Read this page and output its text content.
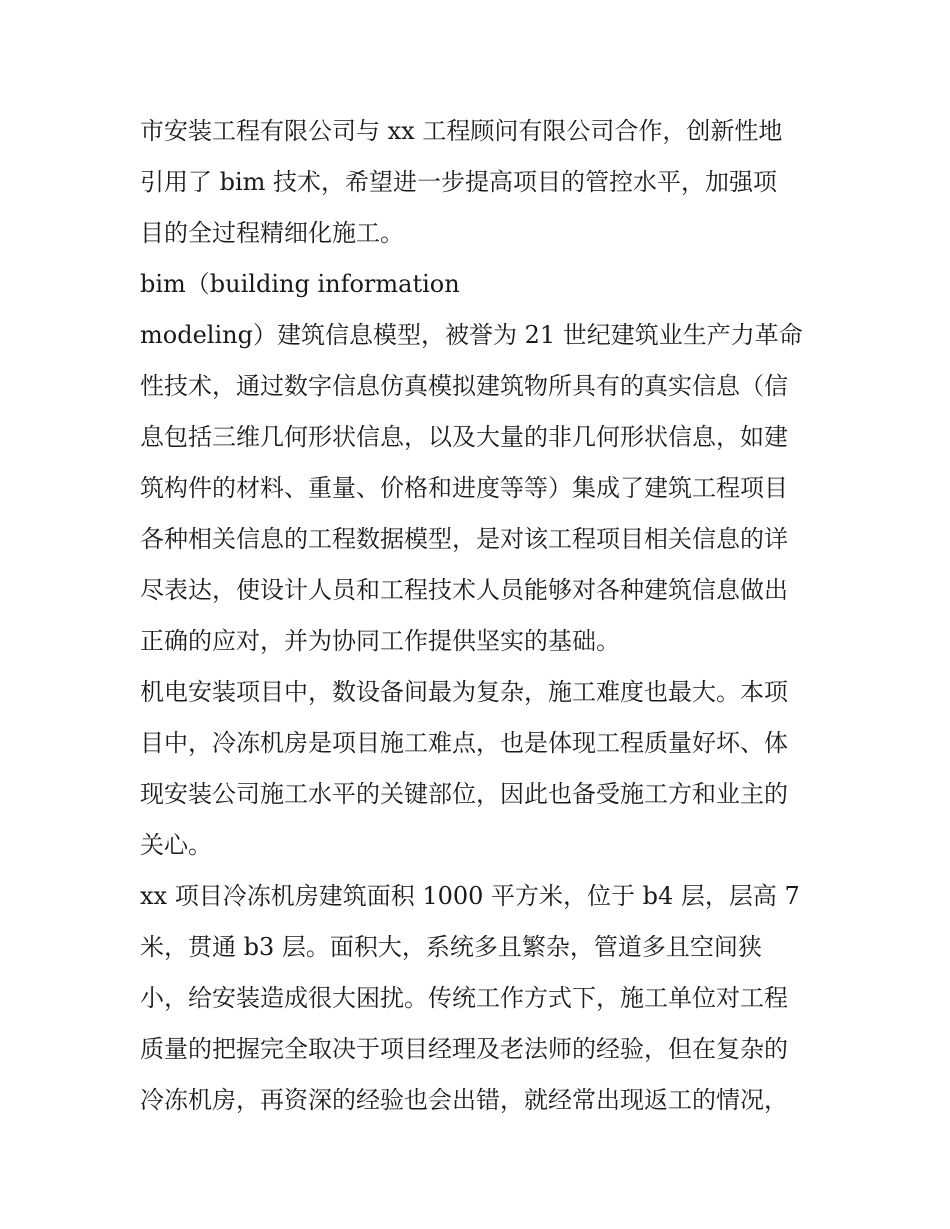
市安装工程有限公司与 xx 工程顾问有限公司合作，创新性地
引用了 bim 技术，希望进一步提高项目的管控水平，加强项
目的全过程精细化施工。
bim（building information
modeling）建筑信息模型，被誉为 21 世纪建筑业生产力革命
性技术，通过数字信息仿真模拟建筑物所具有的真实信息（信
息包括三维几何形状信息，以及大量的非几何形状信息，如建
筑构件的材料、重量、价格和进度等等）集成了建筑工程项目
各种相关信息的工程数据模型，是对该工程项目相关信息的详
尽表达，使设计人员和工程技术人员能够对各种建筑信息做出
正确的应对，并为协同工作提供坚实的基础。
机电安装项目中，数设备间最为复杂，施工难度也最大。本项
目中，冷冻机房是项目施工难点，也是体现工程质量好坏、体
现安装公司施工水平的关键部位，因此也备受施工方和业主的
关心。
xx 项目冷冻机房建筑面积 1000 平方米，位于 b4 层，层高 7
米，贯通 b3 层。面积大，系统多且繁杂，管道多且空间狭
小，给安装造成很大困扰。传统工作方式下，施工单位对工程
质量的把握完全取决于项目经理及老法师的经验，但在复杂的
冷冻机房，再资深的经验也会出错，就经常出现返工的情况，
